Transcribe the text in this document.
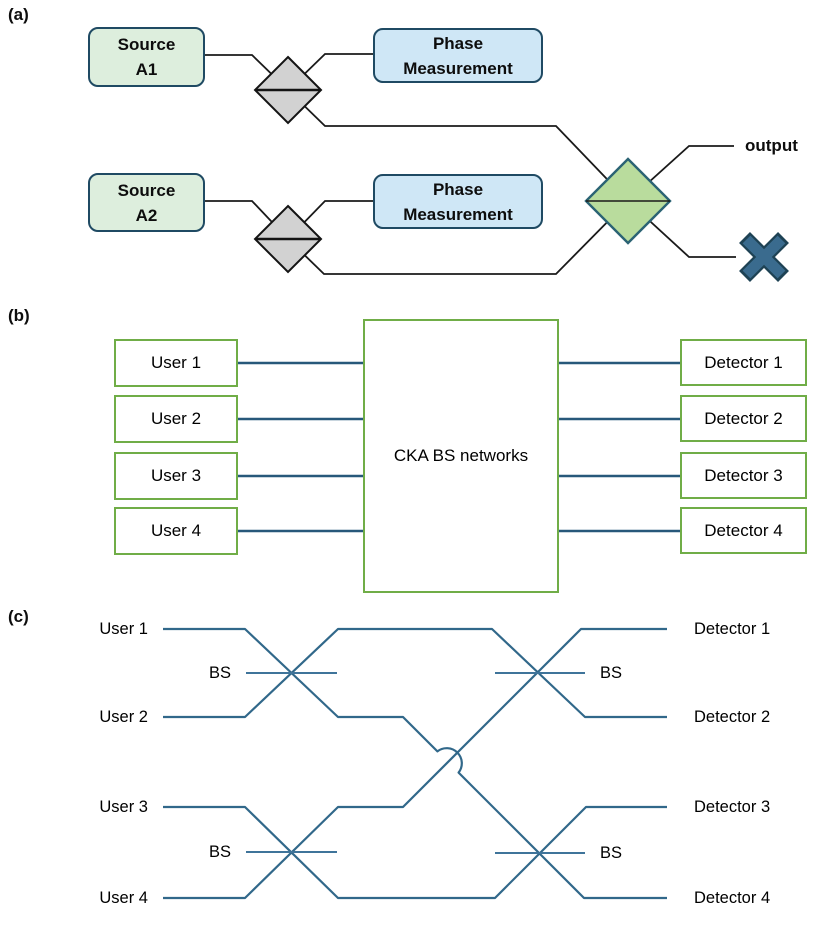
(a)
(b)
(c)
Source
A1
Phase
Measurement
Source
A2
Phase
Measurement
output
User 1
User 2
User 3
User 4
CKA BS networks
Detector 1
Detector 2
Detector 3
Detector 4
User 1
User 2
User 3
User 4
BS
BS
BS
BS
Detector 1
Detector 2
Detector 3
Detector 4
